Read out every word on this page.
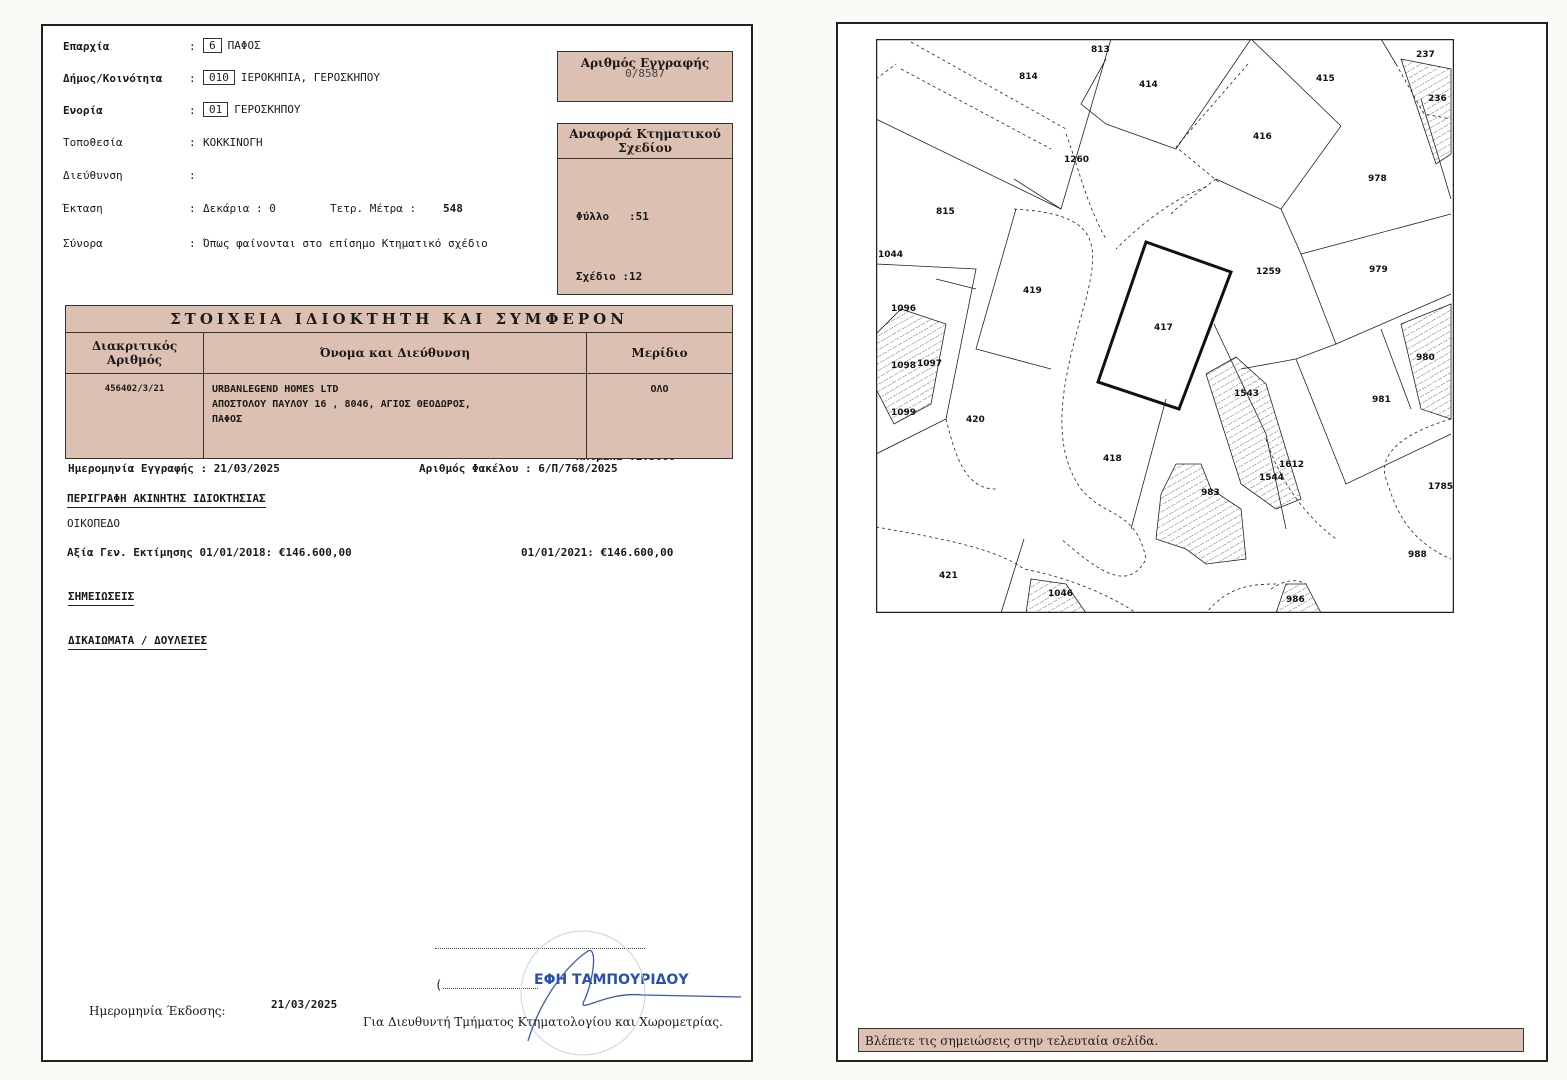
Επαρχία	:	6 ΠΑΦΟΣ
Δήμος/Κοινότητα :	010 ΙΕΡΟΚΗΠΙΑ, ΓΕΡΟΣΚΗΠΟΥ
Ενορία	:	01 ΓΕΡΟΣΚΗΠΟΥ
Τοποθεσία	: ΚΟΚΚΙΝΟΓΗ
Διεύθυνση	:
Έκταση	: Δεκάρια : 0	Τετρ. Μέτρα : 548
Σύνορα	: Όπως φαίνονται στο επίσημο Κτηματικό σχέδιο
Αριθμός Εγγραφής
0/8587
Αναφορά Κτηματικού Σχεδίου

Φύλλο   :51

Σχέδιο :12

ΣΤΟΙΧΕΙΑ ΙΔΙΟΚΤΗΤΗ ΚΑΙ ΣΥΜΦΕΡΟΝ		
Διακριτικός Αριθμός	Όνομα και Διεύθυνση	Μερίδιο
456402/3/21	URBANLEGEND HOMES LTD
ΑΠΟΣΤΟΛΟΥ ΠΑΥΛΟΥ 16 , 8046, ΑΓΙΟΣ ΘΕΟΔΩΡΟΣ,
ΠΑΦΟΣ	ΟΛΟ
Ημερομηνία Εγγραφής : 21/03/2025	Αριθμός Φακέλου : 6/Π/768/2025
ΠΕΡΙΓΡΑΦΗ ΑΚΙΝΗΤΗΣ ΙΔΙΟΚΤΗΣΙΑΣ
ΟΙΚΟΠΕΔΟ
Αξία Γεν. Εκτίμησης 01/01/2018: €146.600,00	01/01/2021: €146.600,00
ΣΗΜΕΙΩΣΕΙΣ
ΔΙΚΑΙΩΜΑΤΑ / ΔΟΥΛΕΙΕΣ
(	ΕΦΗ ΤΑΜΠΟΥΡΙΔΟΥ
Ημερομηνία Έκδοσης:	21/03/2025
Για Διευθυντή Τμήματος Κτηματολογίου και Χωρομετρίας.
813
814
414
415
237
236
416
1260
978
815
1044
419
1259	979
1096
417
1098 1097
980
1543
1099
420
981
418
1612
1544
983
1785
988
421
1046
986
Βλέπετε τις σημειώσεις στην τελευταία σελίδα.
